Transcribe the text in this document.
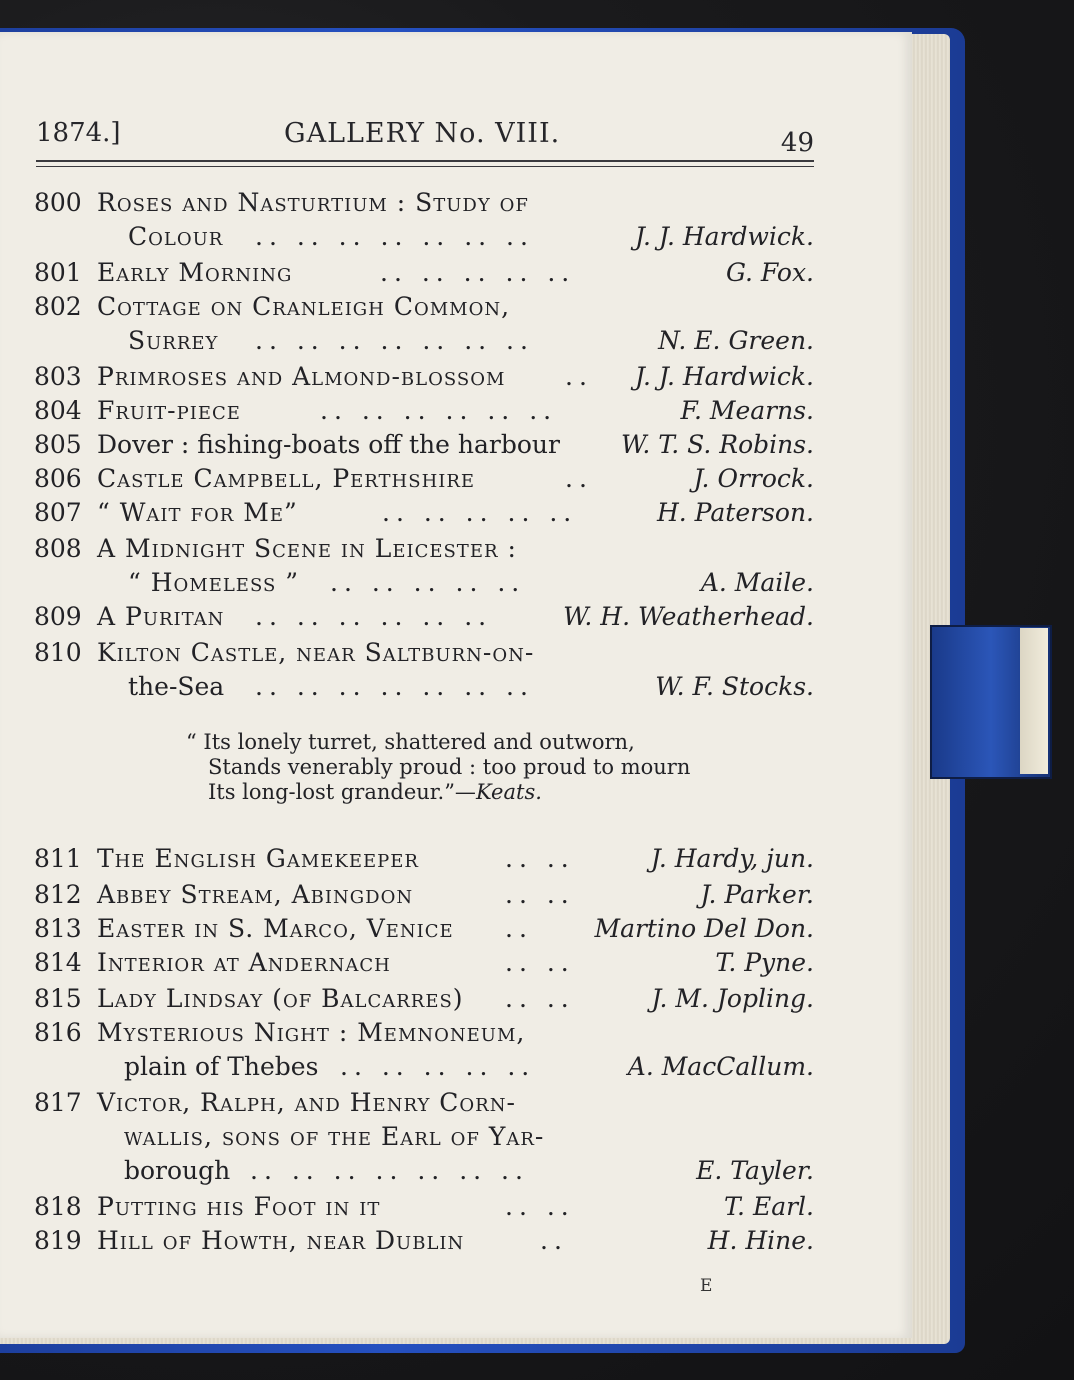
1874.]	GALLERY No. VIII.	49
800 Roses and Nasturtium : Study of
Colour .. .. .. .. .. .. ..	J. J. Hardwick.
801 Early Morning	.. .. .. .. ..	G. Fox.
802 Cottage on Cranleigh Common,
Surrey .. .. .. .. .. .. ..	N. E. Green.
803 Primroses and Almond-blossom .. J. J. Hardwick.
804 Fruit-piece	.. .. .. .. .. ..	F. Mearns.
805 Dover : fishing-boats off the harbour W. T. S. Robins.
806 Castle Campbell, Perthshire	..	J. Orrock.
807 “ Wait for Me”	.. .. .. .. ..	H. Paterson.
808 A Midnight Scene in Leicester :
“ Homeless ” .. .. .. .. ..	A. Maile.
809 A Puritan .. .. .. .. .. ..	W. H. Weatherhead.
810 Kilton Castle, near Saltburn-on-
the-Sea .. .. .. .. .. .. ..	W. F. Stocks.
“ Its lonely turret, shattered and outworn,
Stands venerably proud : too proud to mourn
Its long-lost grandeur.”—Keats.
811 The English Gamekeeper	.. ..	J. Hardy, jun.
812 Abbey Stream, Abingdon	.. ..	J. Parker.
813 Easter in S. Marco, Venice .. Martino Del Don.
814 Interior at Andernach	.. ..	T. Pyne.
815 Lady Lindsay (of Balcarres) .. ..	J. M. Jopling.
816 Mysterious Night : Memnoneum,
plain of Thebes .. .. .. .. ..	A. MacCallum.
817 Victor, Ralph, and Henry Corn-
wallis, sons of the Earl of Yar-
borough .. .. .. .. .. .. ..	E. Tayler.
818 Putting his Foot in it	.. ..	T. Earl.
819 Hill of Howth, near Dublin	..	H. Hine.
E
